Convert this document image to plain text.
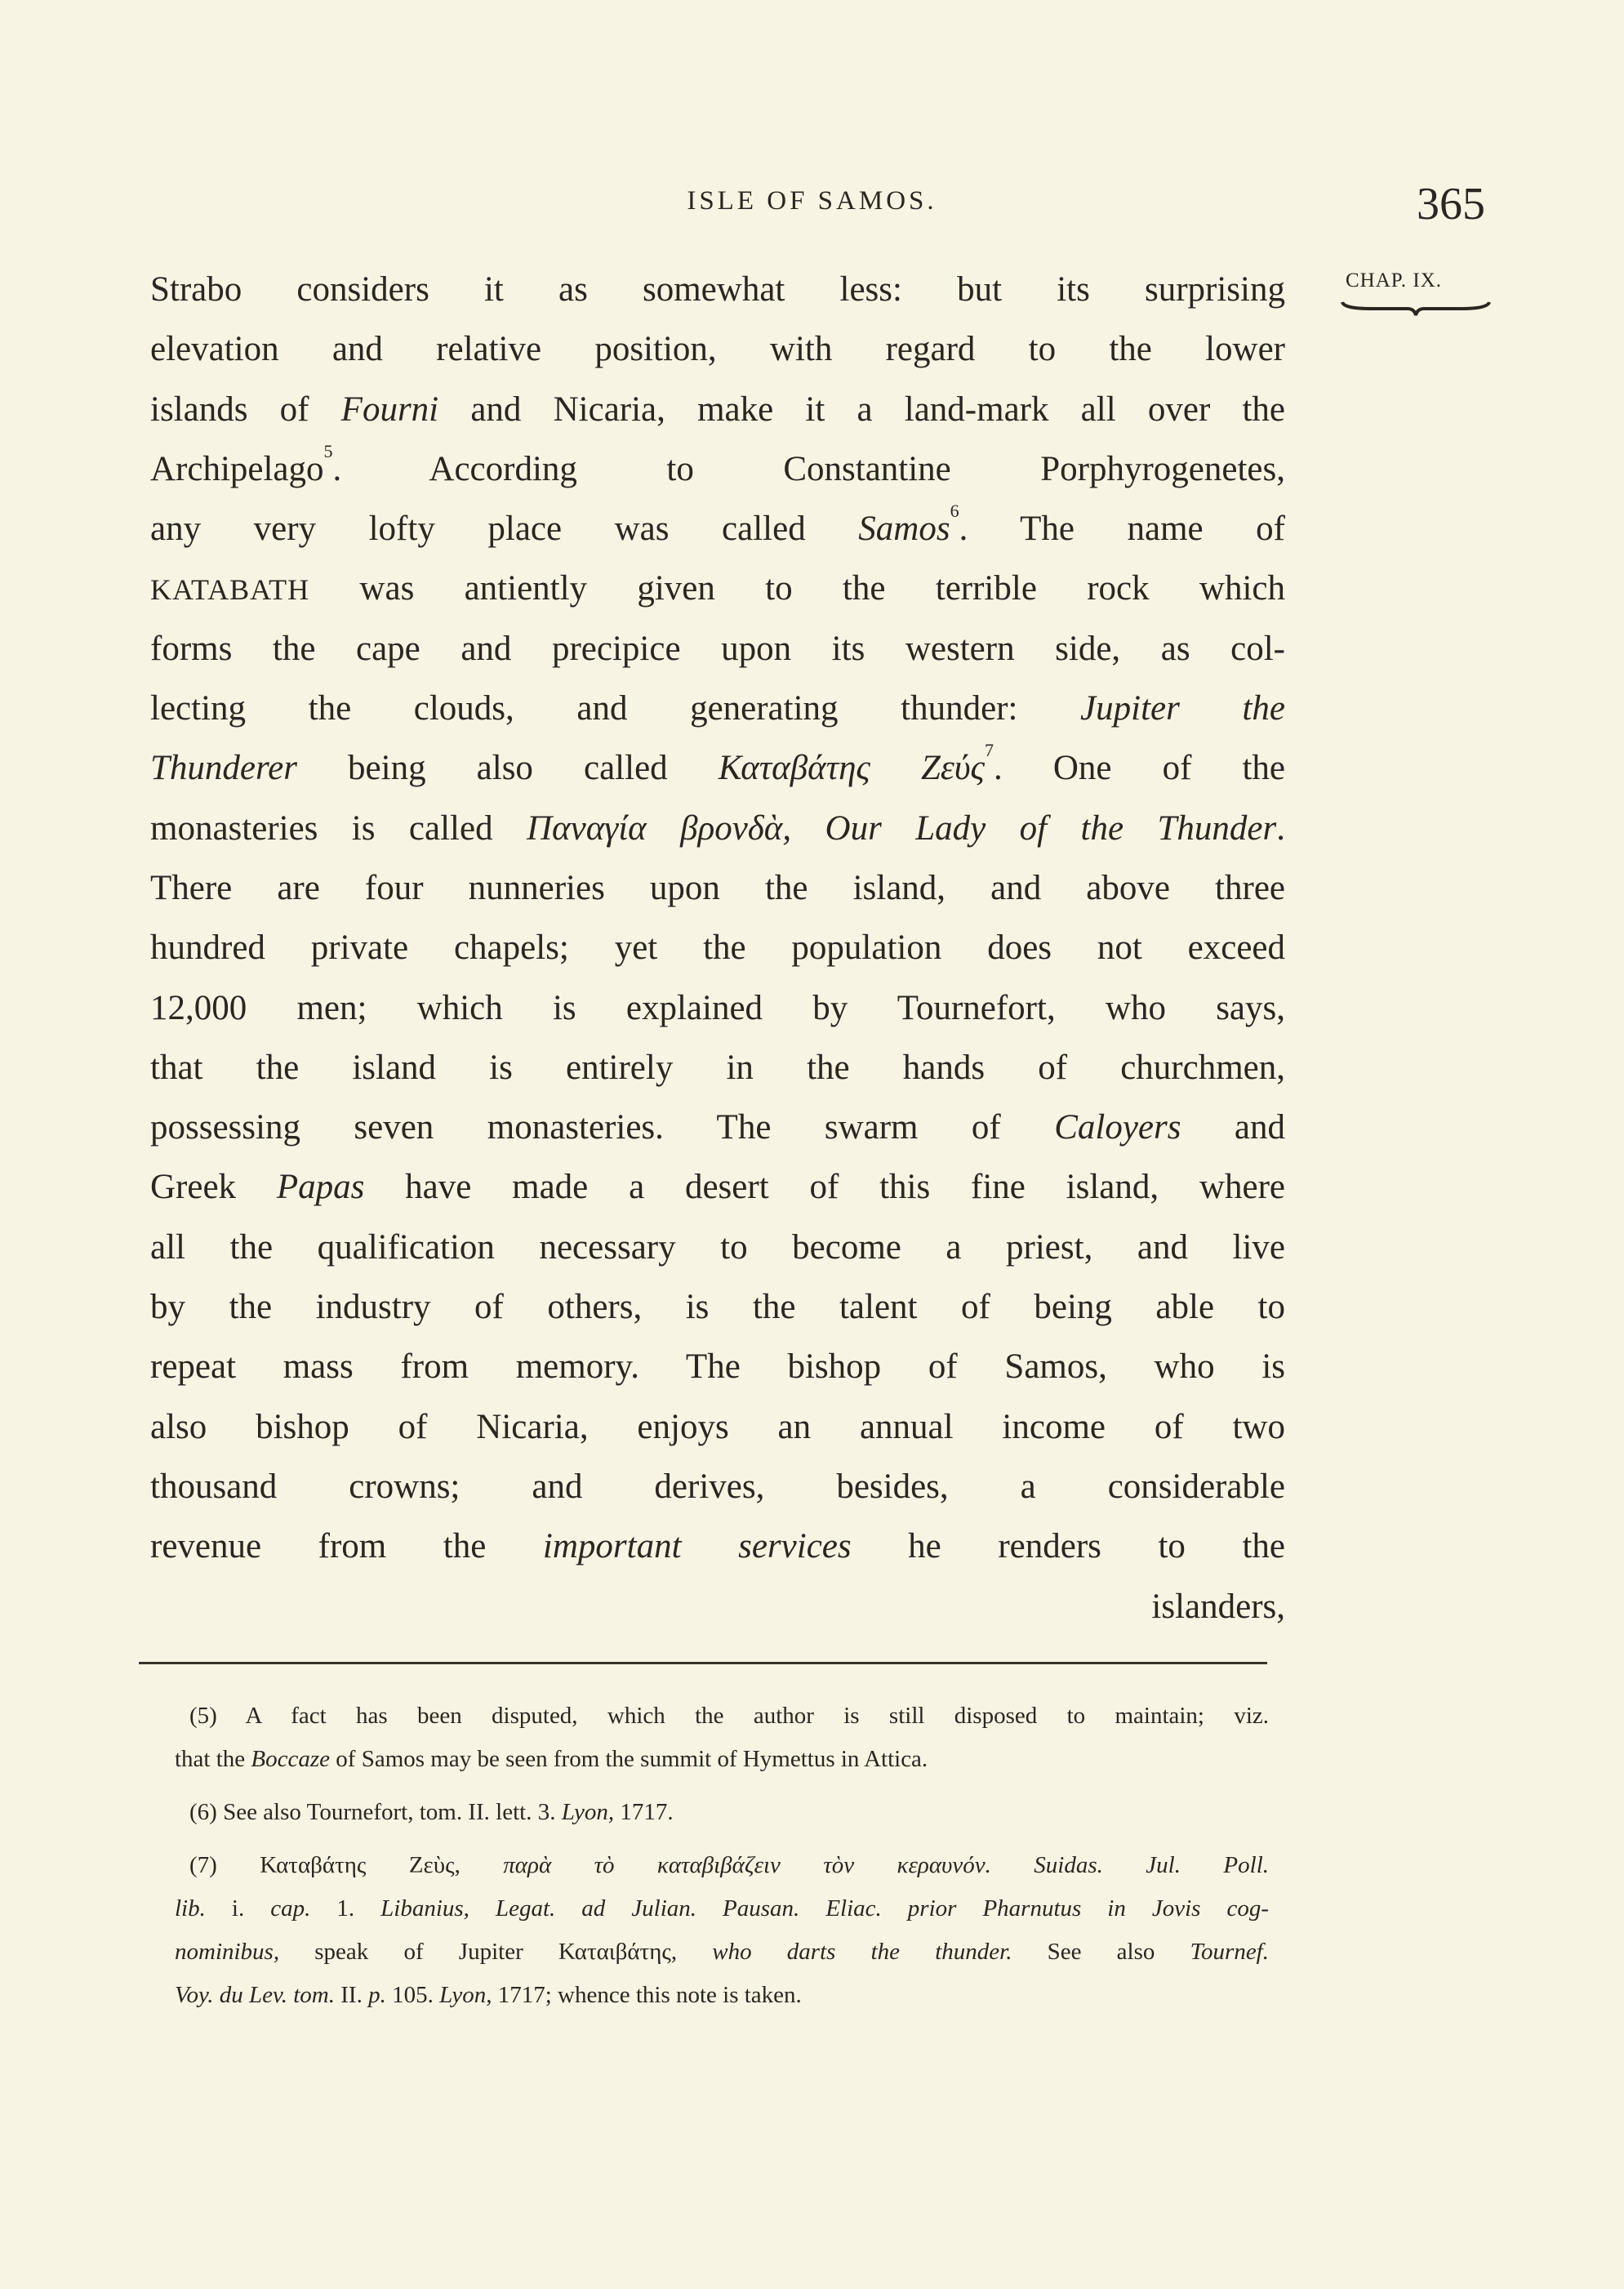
ISLE OF SAMOS.	365
CHAP. IX.
Strabo considers it as somewhat less: but its surprising
elevation and relative position, with regard to the lower
islands of Fourni and Nicaria, make it a land-mark all over the
Archipelago$^5$. According to Constantine Porphyrogenetes,
any very lofty place was called Samos$^6$. The name of
KATABATH was antiently given to the terrible rock which
forms the cape and precipice upon its western side, as col-
lecting the clouds, and generating thunder: Jupiter the
Thunderer being also called Καταβάτης Ζεύς$^7$. One of the
monasteries is called Παναγία βρονδὰ, Our Lady of the Thunder.
There are four nunneries upon the island, and above three
hundred private chapels; yet the population does not exceed
12,000 men; which is explained by Tournefort, who says,
that the island is entirely in the hands of churchmen,
possessing seven monasteries. The swarm of Caloyers and
Greek Papas have made a desert of this fine island, where
all the qualification necessary to become a priest, and live
by the industry of others, is the talent of being able to
repeat mass from memory. The bishop of Samos, who is
also bishop of Nicaria, enjoys an annual income of two
thousand crowns; and derives, besides, a considerable
revenue from the important services he renders to the
islanders,
(5) A fact has been disputed, which the author is still disposed to maintain; viz.
that the Boccaze of Samos may be seen from the summit of Hymettus in Attica.
(6) See also Tournefort, tom. II. lett. 3. Lyon, 1717.
(7) Καταβάτης Ζεὺς, παρὰ τὸ καταβιβάζειν τὸν κεραυνόν. Suidas. Jul. Poll.
lib. i. cap. 1. Libanius, Legat. ad Julian. Pausan. Eliac. prior Pharnutus in Jovis cog-
nominibus, speak of Jupiter Καταιβάτης, who darts the thunder. See also Tournef.
Voy. du Lev. tom. II. p. 105. Lyon, 1717; whence this note is taken.
